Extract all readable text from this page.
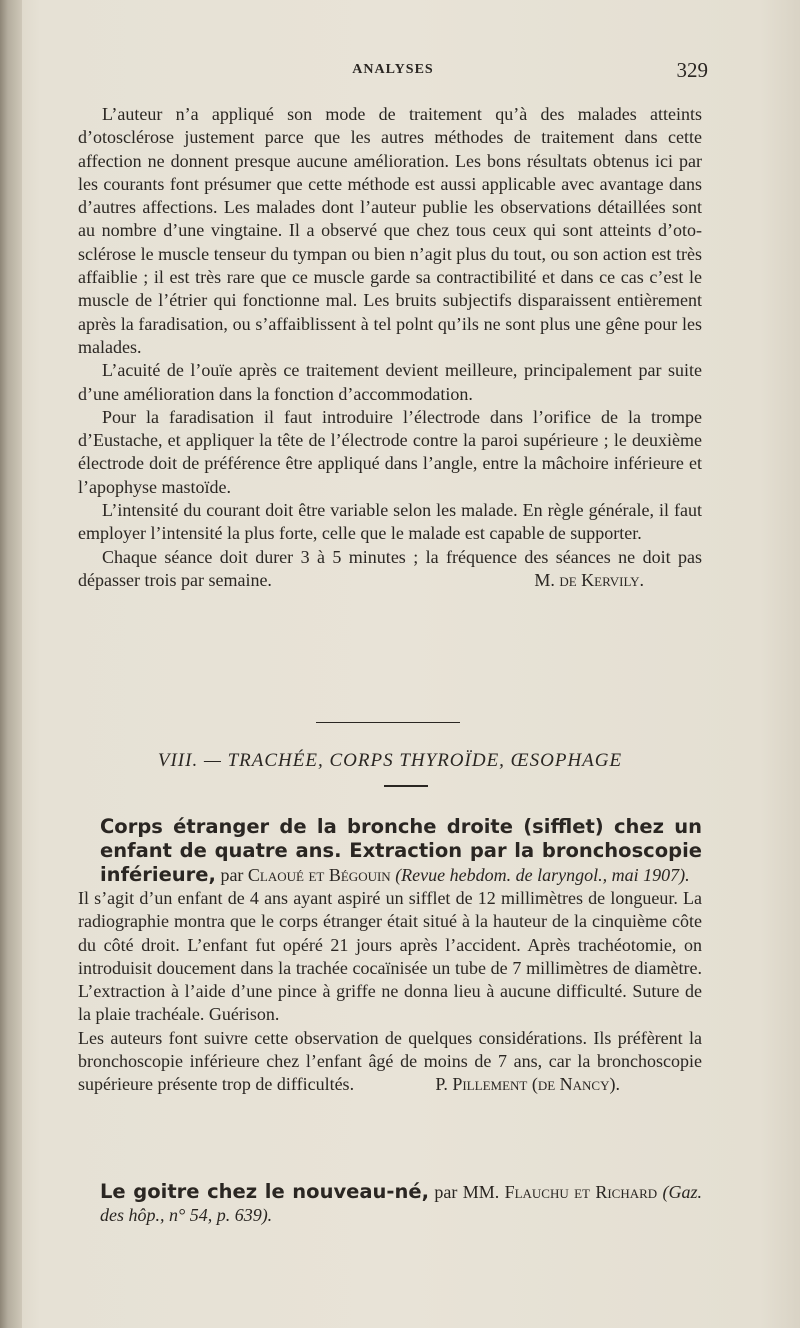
ANALYSES	329

L’auteur n’a appliqué son mode de traitement qu’à des malades atteints d’otosclérose justement parce que les autres méthodes de traitement dans cette affection ne donnent presque aucune amélioration. Les bons résultats obtenus ici par les courants font présumer que cette méthode est aussi applicable avec avantage dans d’autres affections. Les malades dont l’auteur publie les observations détaillées sont au nombre d’une vingtaine. Il a observé que chez tous ceux qui sont atteints d’oto-sclérose le muscle tenseur du tympan ou bien n’agit plus du tout, ou son action est très affaiblie ; il est très rare que ce muscle garde sa contractibilité et dans ce cas c’est le muscle de l’étrier qui fonctionne mal. Les bruits subjectifs disparaissent entièrement après la faradisation, ou s’affaiblissent à tel polnt qu’ils ne sont plus une gêne pour les malades.

L’acuité de l’ouïe après ce traitement devient meilleure, principalement par suite d’une amélioration dans la fonction d’accommodation.

Pour la faradisation il faut introduire l’électrode dans l’orifice de la trompe d’Eustache, et appliquer la tête de l’électrode contre la paroi supérieure ; le deuxième électrode doit de préférence être appliqué dans l’angle, entre la mâchoire inférieure et l’apophyse mastoïde.

L’intensité du courant doit être variable selon les malade. En règle générale, il faut employer l’intensité la plus forte, celle que le malade est capable de supporter.

Chaque séance doit durer 3 à 5 minutes ; la fréquence des séances ne doit pas dépasser trois par semaine.	M. de Kervily.
VIII. — TRACHÉE, CORPS THYROÏDE, ŒSOPHAGE

Corps étranger de la bronche droite (sifflet) chez un enfant de quatre ans. Extraction par la bronchoscopie inférieure, par Claoué et Bégouin (Revue hebdom. de laryngol., mai 1907).

Il s’agit d’un enfant de 4 ans ayant aspiré un sifflet de 12 millimètres de longueur. La radiographie montra que le corps étranger était situé à la hauteur de la cinquième côte du côté droit. L’enfant fut opéré 21 jours après l’accident. Après trachéotomie, on introduisit doucement dans la trachée cocaïnisée un tube de 7 millimètres de diamètre. L’extraction à l’aide d’une pince à griffe ne donna lieu à aucune difficulté. Suture de la plaie trachéale. Guérison.

Les auteurs font suivre cette observation de quelques considérations. Ils préfèrent la bronchoscopie inférieure chez l’enfant âgé de moins de 7 ans, car la bronchoscopie supérieure présente trop de difficultés.	P. Pillement (de Nancy).

Le goitre chez le nouveau-né, par MM. Flauchu et Richard (Gaz. des hôp., n° 54, p. 639).
